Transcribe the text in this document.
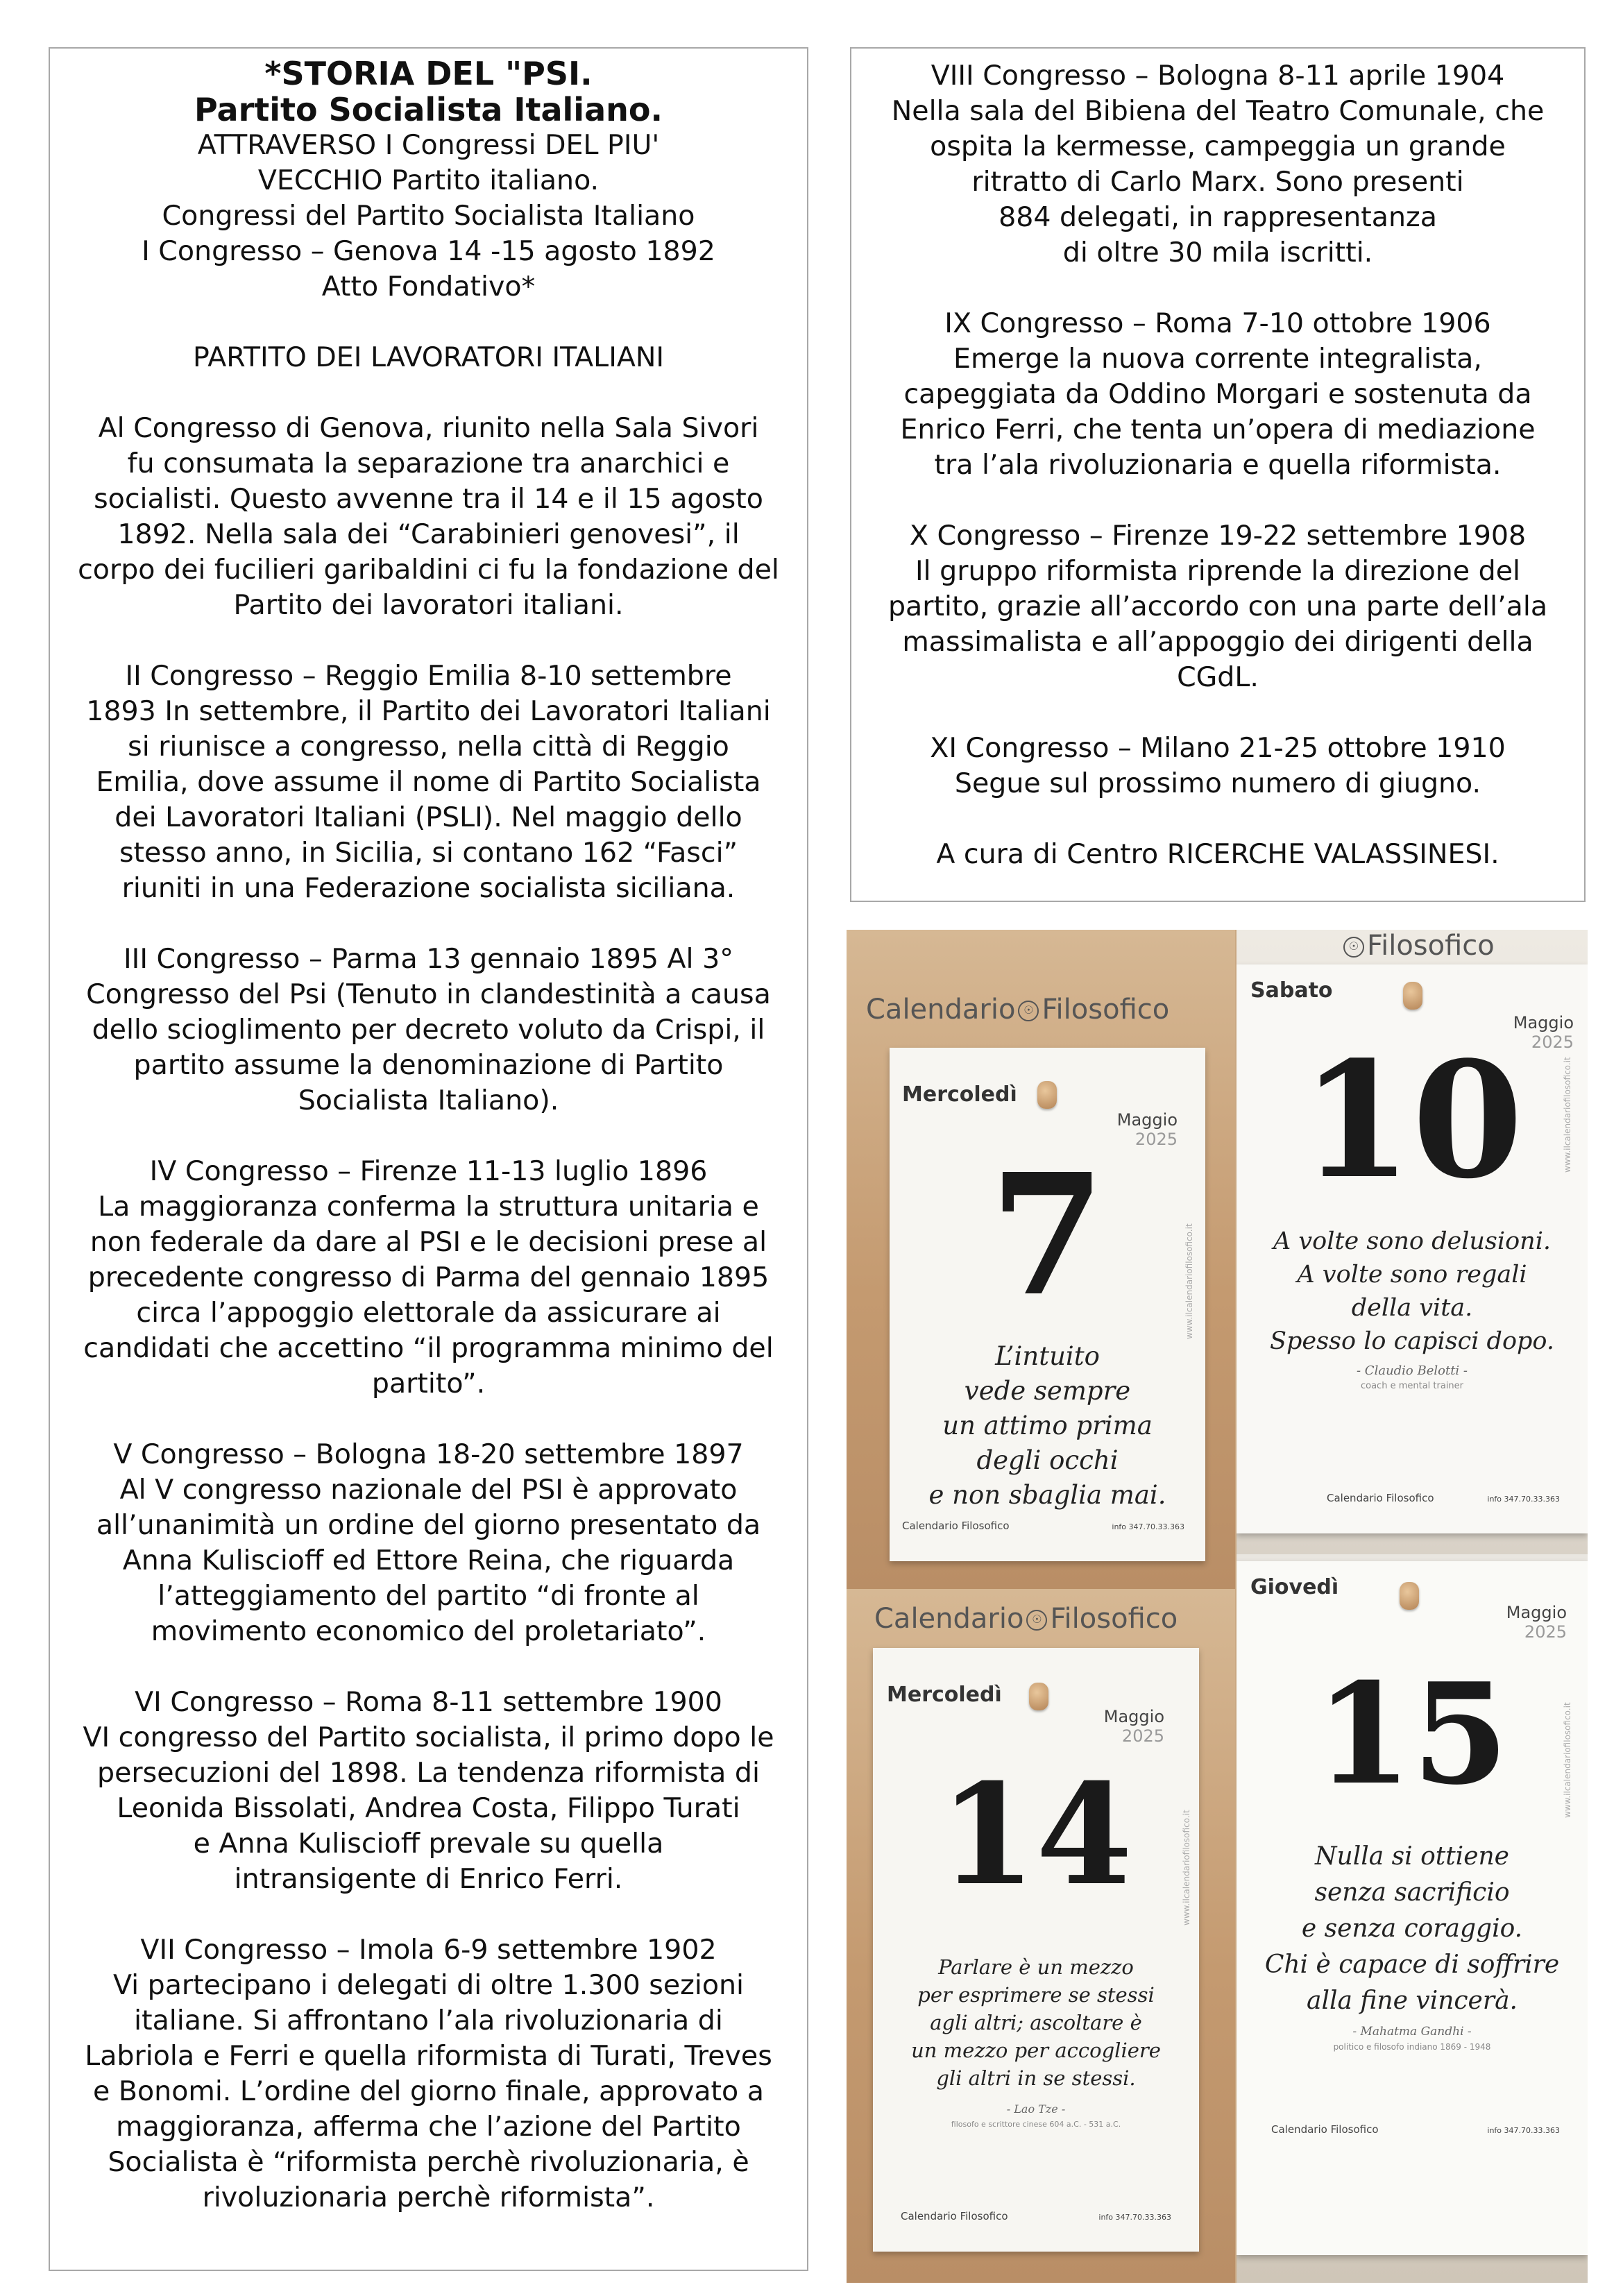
*STORIA DEL "PSI.

Partito Socialista Italiano.

ATTRAVERSO I Congressi DEL PIU'
VECCHIO Partito italiano.
Congressi del Partito Socialista Italiano
I Congresso – Genova 14 -15 agosto 1892
Atto Fondativo*

PARTITO DEI LAVORATORI ITALIANI

Al Congresso di Genova, riunito nella Sala Sivori
fu consumata la separazione tra anarchici e
socialisti. Questo avvenne tra il 14 e il 15 agosto
1892. Nella sala dei “Carabinieri genovesi”, il
corpo dei fucilieri garibaldini ci fu la fondazione del
Partito dei lavoratori italiani.
II Congresso – Reggio Emilia 8-10 settembre
1893 In settembre, il Partito dei Lavoratori Italiani
si riunisce a congresso, nella città di Reggio
Emilia, dove assume il nome di Partito Socialista
dei Lavoratori Italiani (PSLI). Nel maggio dello
stesso anno, in Sicilia, si contano 162 “Fasci”
riuniti in una Federazione socialista siciliana.
III Congresso – Parma 13 gennaio 1895 Al 3°
Congresso del Psi (Tenuto in clandestinità a causa
dello scioglimento per decreto voluto da Crispi, il
partito assume la denominazione di Partito
Socialista Italiano).
IV Congresso – Firenze 11-13 luglio 1896
La maggioranza conferma la struttura unitaria e
non federale da dare al PSI e le decisioni prese al
precedente congresso di Parma del gennaio 1895
circa l’appoggio elettorale da assicurare ai
candidati che accettino “il programma minimo del
partito”.
V Congresso – Bologna 18-20 settembre 1897
Al V congresso nazionale del PSI è approvato
all’unanimità un ordine del giorno presentato da
Anna Kuliscioff ed Ettore Reina, che riguarda
l’atteggiamento del partito “di fronte al
movimento economico del proletariato”.
VI Congresso – Roma 8-11 settembre 1900
VI congresso del Partito socialista, il primo dopo le
persecuzioni del 1898. La tendenza riformista di
Leonida Bissolati, Andrea Costa, Filippo Turati
e Anna Kuliscioff prevale su quella
intransigente di Enrico Ferri.
VII Congresso – Imola 6-9 settembre 1902
Vi partecipano i delegati di oltre 1.300 sezioni
italiane. Si affrontano l’ala rivoluzionaria di
Labriola e Ferri e quella riformista di Turati, Treves
e Bonomi. L’ordine del giorno finale, approvato a
maggioranza, afferma che l’azione del Partito
Socialista è “riformista perchè rivoluzionaria, è
rivoluzionaria perchè riformista”.
VIII Congresso – Bologna 8-11 aprile 1904
Nella sala del Bibiena del Teatro Comunale, che
ospita la kermesse, campeggia un grande
ritratto di Carlo Marx. Sono presenti
884 delegati, in rappresentanza
di oltre 30 mila iscritti.
IX Congresso – Roma 7-10 ottobre 1906
Emerge la nuova corrente integralista,
capeggiata da Oddino Morgari e sostenuta da
Enrico Ferri, che tenta un’opera di mediazione
tra l’ala rivoluzionaria e quella riformista.
X Congresso – Firenze 19-22 settembre 1908
Il gruppo riformista riprende la direzione del
partito, grazie all’accordo con una parte dell’ala
massimalista e all’appoggio dei dirigenti della
CGdL.
XI Congresso – Milano 21-25 ottobre 1910
Segue sul prossimo numero di giugno.
A cura di Centro RICERCHE VALASSINESI.
Calendario ☉ Filosofico
Mercoledì
Maggio
2025
7
L’intuito
vede sempre
un attimo prima
degli occhi
e non sbaglia mai.
Calendario Filosofico	info 347.70.33.363
www.ilcalendariofilosofico.it
☉ Filosofico
Sabato
Maggio
2025
10
A volte sono delusioni.
A volte sono regali
della vita.
Spesso lo capisci dopo.
- Claudio Belotti -
coach e mental trainer
Calendario Filosofico	info 347.70.33.363
www.ilcalendariofilosofico.it
Calendario ☉ Filosofico
Mercoledì
Maggio
2025
14
Parlare è un mezzo
per esprimere se stessi
agli altri; ascoltare è
un mezzo per accogliere
gli altri in se stessi.
- Lao Tze -
filosofo e scrittore cinese 604 a.C. - 531 a.C.
Calendario Filosofico	info 347.70.33.363
www.ilcalendariofilosofico.it
Giovedì
Maggio
2025
15
Nulla si ottiene
senza sacrificio
e senza coraggio.
Chi è capace di soffrire
alla fine vincerà.
- Mahatma Gandhi -
politico e filosofo indiano 1869 - 1948
Calendario Filosofico	info 347.70.33.363
www.ilcalendariofilosofico.it
